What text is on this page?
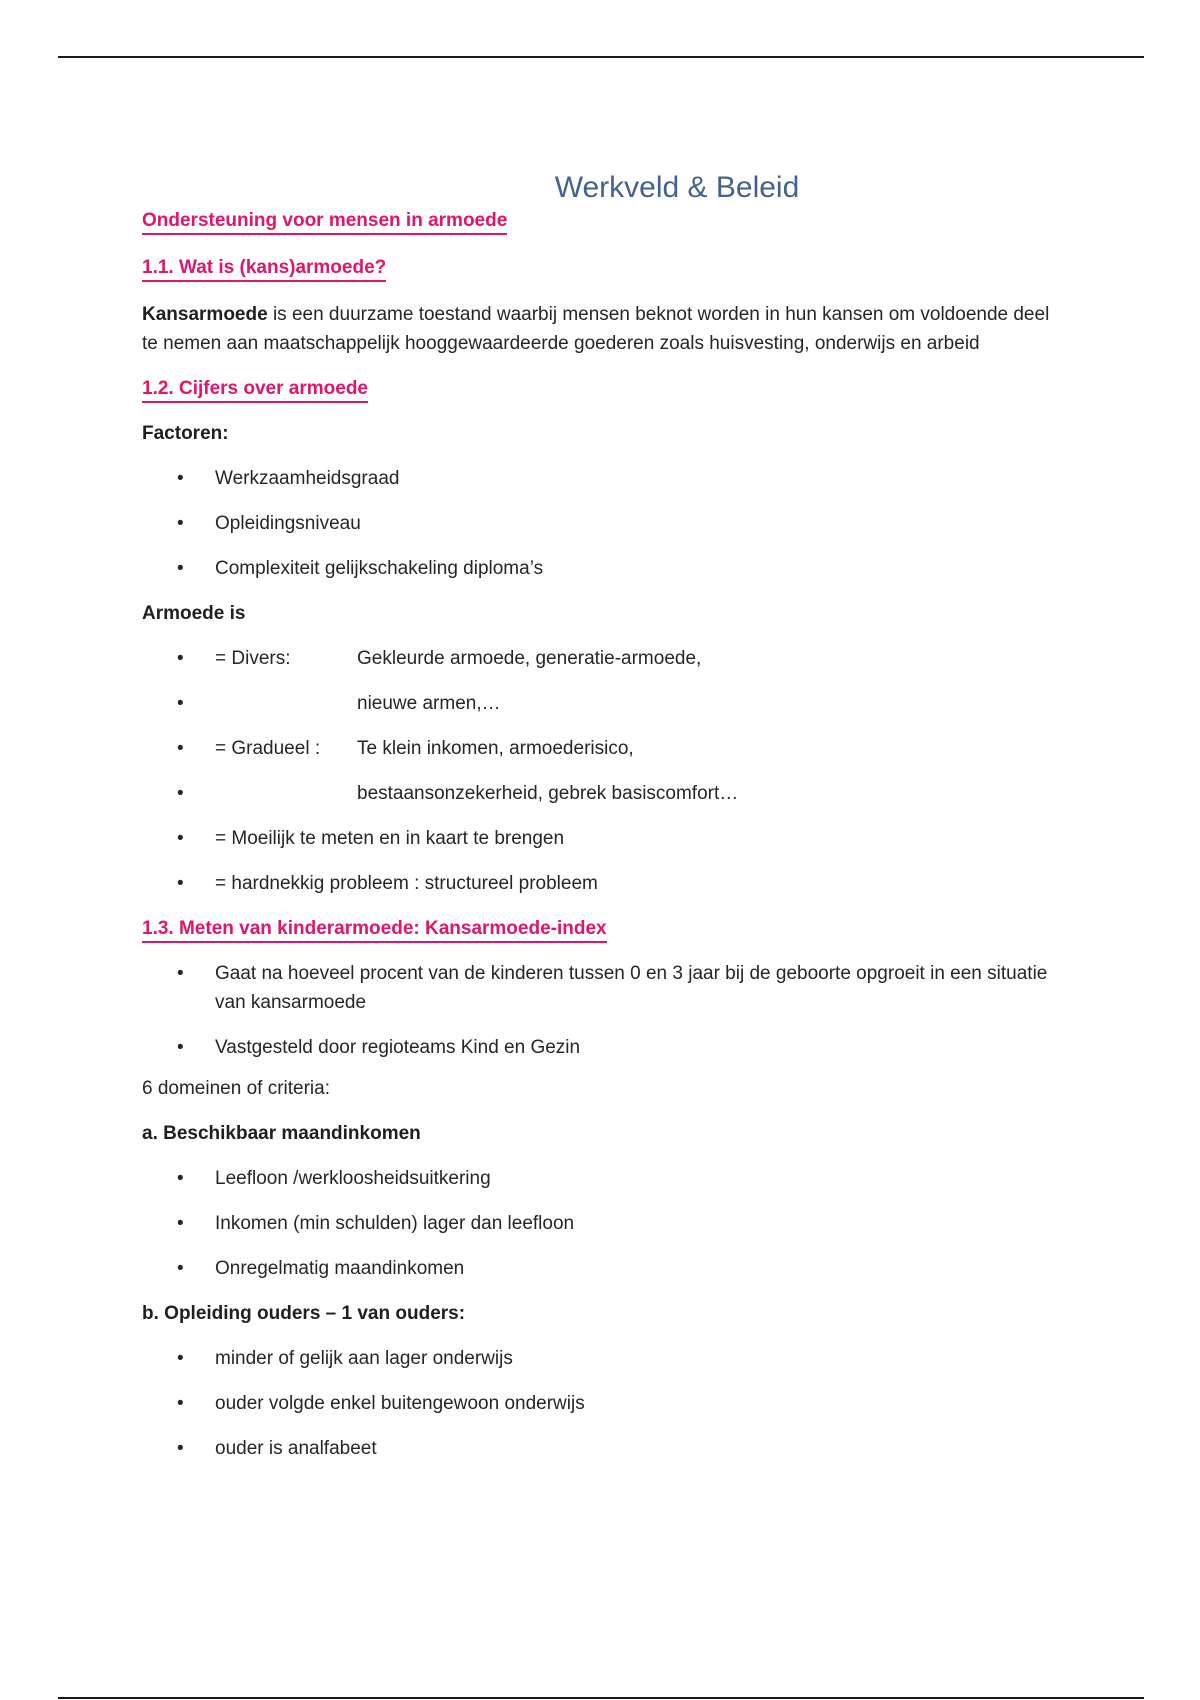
Werkveld & Beleid
Ondersteuning voor mensen in armoede
1.1. Wat is (kans)armoede?
Kansarmoede is een duurzame toestand waarbij mensen beknot worden in hun kansen om voldoende deel te nemen aan maatschappelijk hooggewaardeerde goederen zoals huisvesting, onderwijs en arbeid
1.2. Cijfers over armoede
Factoren:
• Werkzaamheidsgraad
• Opleidingsniveau
• Complexiteit gelijkschakeling diploma’s
Armoede is
• = Divers:	Gekleurde armoede, generatie-armoede,
•	nieuwe armen,…
• = Gradueel : Te klein inkomen, armoederisico,
•	bestaansonzekerheid, gebrek basiscomfort…
• = Moeilijk te meten en in kaart te brengen
• = hardnekkig probleem : structureel probleem
1.3. Meten van kinderarmoede: Kansarmoede-index
• Gaat na hoeveel procent van de kinderen tussen 0 en 3 jaar bij de geboorte opgroeit in een situatie van kansarmoede
• Vastgesteld door regioteams Kind en Gezin
6 domeinen of criteria:
a. Beschikbaar maandinkomen
• Leefloon /werkloosheidsuitkering
• Inkomen (min schulden) lager dan leefloon
• Onregelmatig maandinkomen
b. Opleiding ouders – 1 van ouders:
• minder of gelijk aan lager onderwijs
• ouder volgde enkel buitengewoon onderwijs
• ouder is analfabeet
